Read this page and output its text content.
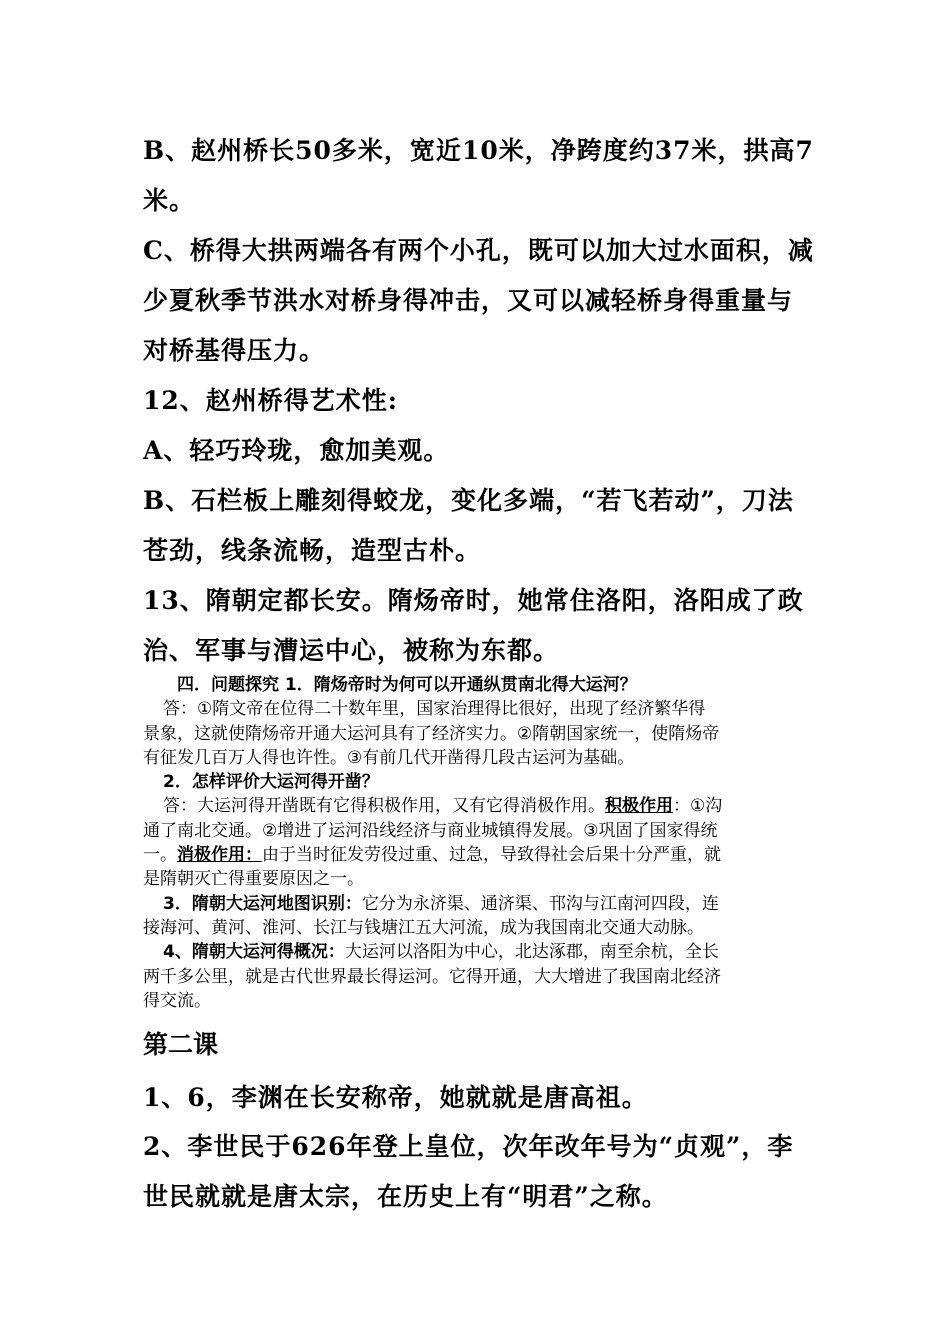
B、赵州桥长50多米，宽近10米，净跨度约37米，拱高7

米。

C、桥得大拱两端各有两个小孔，既可以加大过水面积，减

少夏秋季节洪水对桥身得冲击，又可以减轻桥身得重量与

对桥基得压力。

12、赵州桥得艺术性:

A、轻巧玲珑，愈加美观。

B、石栏板上雕刻得蛟龙，变化多端，“若飞若动”，刀法

苍劲，线条流畅，造型古朴。

13、隋朝定都长安。隋炀帝时，她常住洛阳，洛阳成了政

治、军事与漕运中心，被称为东都。

四．问题探究 1．隋炀帝时为何可以开通纵贯南北得大运河？

答：①隋文帝在位得二十数年里，国家治理得比很好，出现了经济繁华得

景象，这就使隋炀帝开通大运河具有了经济实力。②隋朝国家统一，使隋炀帝

有征发几百万人得也许性。③有前几代开凿得几段古运河为基础。

2．怎样评价大运河得开凿？

答：大运河得开凿既有它得积极作用，又有它得消极作用。积极作用：①沟

通了南北交通。②增进了运河沿线经济与商业城镇得发展。③巩固了国家得统

一。消极作用：由于当时征发劳役过重、过急，导致得社会后果十分严重，就

是隋朝灭亡得重要原因之一。

3．隋朝大运河地图识别：它分为永济渠、通济渠、邗沟与江南河四段，连

接海河、黄河、淮河、长江与钱塘江五大河流，成为我国南北交通大动脉。

4、隋朝大运河得概况：大运河以洛阳为中心，北达涿郡，南至余杭，全长

两千多公里，就是古代世界最长得运河。它得开通，大大增进了我国南北经济

得交流。

第二课

1、6，李渊在长安称帝，她就就是唐高祖。

2、李世民于626年登上皇位，次年改年号为“贞观”，李

世民就就是唐太宗，在历史上有“明君”之称。
